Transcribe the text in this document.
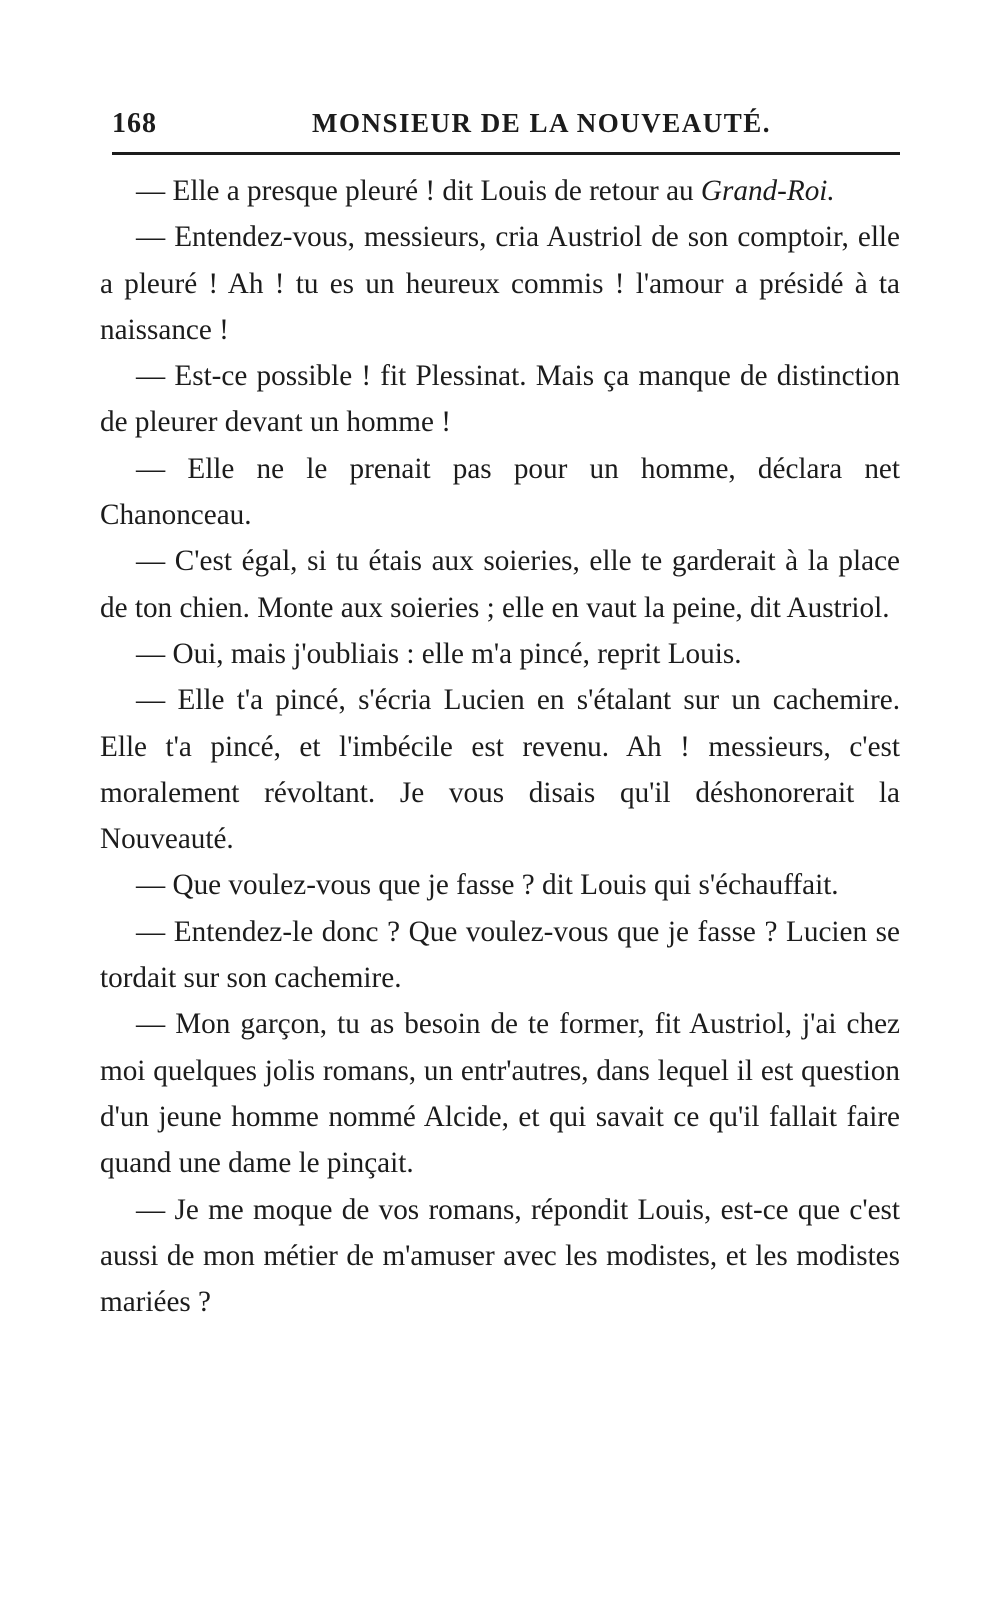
168	MONSIEUR DE LA NOUVEAUTÉ.

— Elle a presque pleuré ! dit Louis de retour au Grand-Roi.

— Entendez-vous, messieurs, cria Austriol de son comptoir, elle a pleuré ! Ah ! tu es un heureux commis ! l'amour a présidé à ta naissance !

— Est-ce possible ! fit Plessinat. Mais ça manque de distinction de pleurer devant un homme !

— Elle ne le prenait pas pour un homme, déclara net Chanonceau.

— C'est égal, si tu étais aux soieries, elle te garderait à la place de ton chien. Monte aux soieries ; elle en vaut la peine, dit Austriol.

— Oui, mais j'oubliais : elle m'a pincé, reprit Louis.

— Elle t'a pincé, s'écria Lucien en s'étalant sur un cachemire. Elle t'a pincé, et l'imbécile est revenu. Ah ! messieurs, c'est moralement révoltant. Je vous disais qu'il déshonorerait la Nouveauté.

— Que voulez-vous que je fasse ? dit Louis qui s'échauffait.

— Entendez-le donc ? Que voulez-vous que je fasse ? Lucien se tordait sur son cachemire.

— Mon garçon, tu as besoin de te former, fit Austriol, j'ai chez moi quelques jolis romans, un entr'autres, dans lequel il est question d'un jeune homme nommé Alcide, et qui savait ce qu'il fallait faire quand une dame le pinçait.

— Je me moque de vos romans, répondit Louis, est-ce que c'est aussi de mon métier de m'amuser avec les modistes, et les modistes mariées ?
